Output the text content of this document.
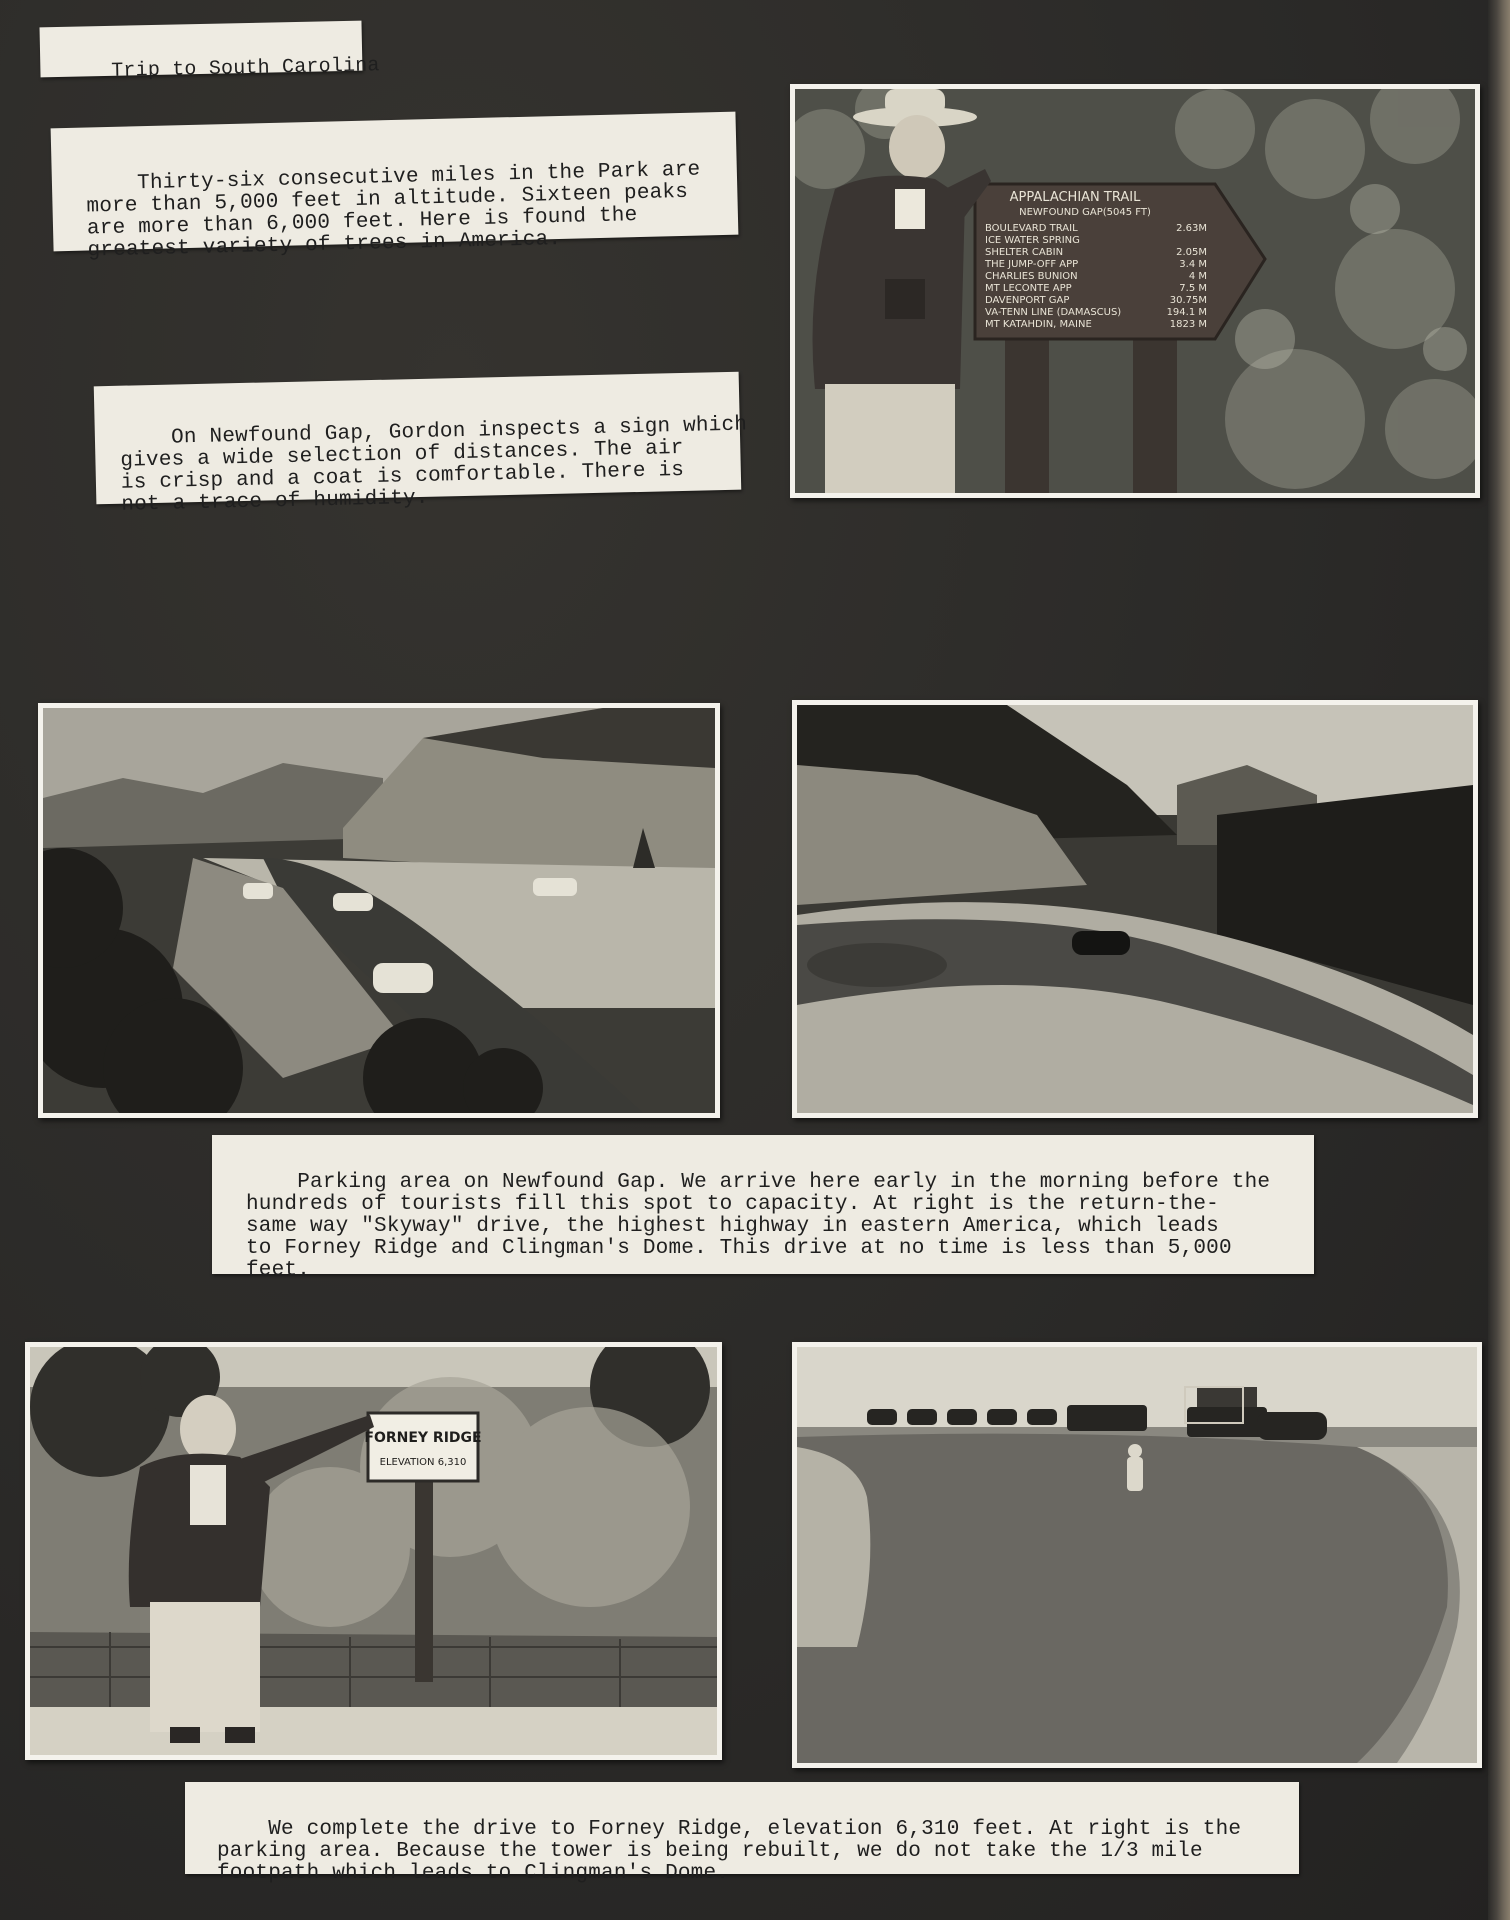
Trip to South Carolina

Thirty-six consecutive miles in the Park are
more than 5,000 feet in altitude. Sixteen peaks
are more than 6,000 feet. Here is found the
greatest variety of trees in America.

On Newfound Gap, Gordon inspects a sign which
gives a wide selection of distances. The air
is crisp and a coat is comfortable. There is
not a trace of humidity.

APPALACHIAN TRAIL
NEWFOUND GAP(5045 FT)
BOULEVARD TRAIL	2.63M
ICE WATER SPRING
SHELTER CABIN	2.05M
THE JUMP-OFF APP	3.4 M
CHARLIES BUNION	4 M
MT LECONTE APP	7.5 M
DAVENPORT GAP	30.75M
VA-TENN LINE (DAMASCUS)	194.1 M
MT KATAHDIN, MAINE	1823 M

Parking area on Newfound Gap. We arrive here early in the morning before the
hundreds of tourists fill this spot to capacity. At right is the return-the-
same way "Skyway" drive, the highest highway in eastern America, which leads
to Forney Ridge and Clingman's Dome. This drive at no time is less than 5,000
feet.

FORNEY RIDGE
ELEVATION 6,310

We complete the drive to Forney Ridge, elevation 6,310 feet. At right is the
parking area. Because the tower is being rebuilt, we do not take the 1/3 mile
footpath which leads to Clingman's Dome.
